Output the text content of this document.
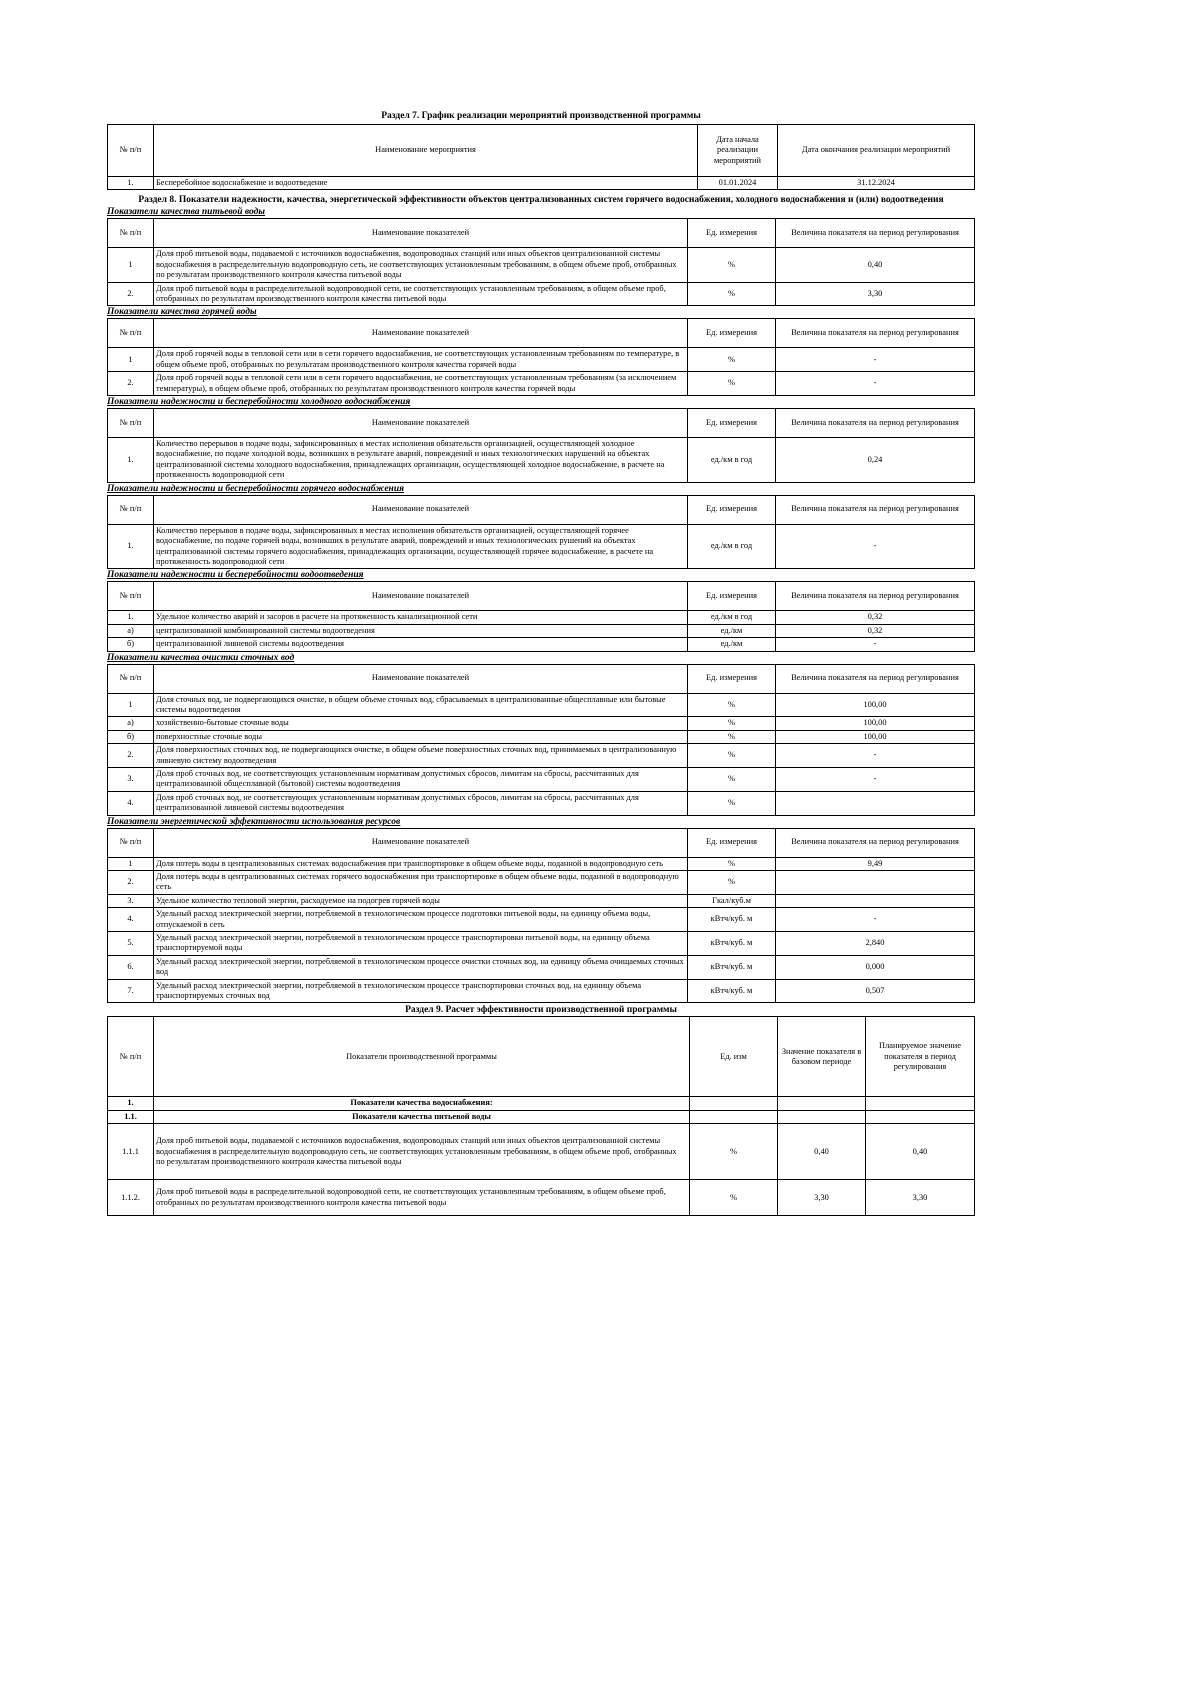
Раздел 7. График реализации мероприятий производственной программы

№ п/п	Наименование мероприятия	Дата начала реализации мероприятий	Дата окончания реализации мероприятий
1.	Бесперебойное водоснабжение и водоотведение	01.01.2024	31.12.2024

Раздел 8. Показатели надежности, качества, энергетической эффективности объектов централизованных систем горячего водоснабжения, холодного водоснабжения и (или) водоотведения

Показатели качества питьевой воды

№ п/п	Наименование показателей	Ед. измерения	Величина показателя на период регулирования
1	Доля проб питьевой воды, подаваемой с источников водоснабжения, водопроводных станций или иных объектов централизованной системы водоснабжения в распределительную водопроводную сеть, не соответствующих установленным требованиям, в общем объеме проб, отобранных по результатам производственного контроля качества питьевой воды	%	0,40
2.	Доля проб питьевой воды в распределительной водопроводной сети, не соответствующих установленным требованиям, в общем объеме проб, отобранных по результатам производственного контроля качества питьевой воды	%	3,30

Показатели качества горячей воды

№ п/п	Наименование показателей	Ед. измерения	Величина показателя на период регулирования
1	Доля проб горячей воды в тепловой сети или в сети горячего водоснабжения, не соответствующих установленным требованиям по температуре, в общем объеме проб, отобранных по результатам производственного контроля качества горячей воды	%	-
2.	Доля проб горячей воды в тепловой сети или в сети горячего водоснабжения, не соответствующих установленным требованиям (за исключением температуры), в общем объеме проб, отобранных по результатам производственного контроля качества горячей воды	%	-

Показатели надежности и бесперебойности холодного водоснабжения

№ п/п	Наименование показателей	Ед. измерения	Величина показателя на период регулирования
1.	Количество перерывов в подаче воды, зафиксированных в местах исполнения обязательств организацией, осуществляющей холодное водоснабжение, по подаче холодной воды, возникших в результате аварий, повреждений и иных технологических нарушений на объектах централизованной системы холодного водоснабжения, принадлежащих организации, осуществляющей холодное водоснабжение, в расчете на протяженность водопроводной сети	ед./км в год	0,24

Показатели надежности и бесперебойности горячего водоснабжения

№ п/п	Наименование показателей	Ед. измерения	Величина показателя на период регулирования
1.	Количество перерывов в подаче воды, зафиксированных в местах исполнения обязательств организацией, осуществляющей горячее водоснабжение, по подаче горячей воды, возникших в результате аварий, повреждений и иных технологических рушений на объектах централизованной системы горячего водоснабжения, принадлежащих организации, осуществляющей горячее водоснабжение, в расчете на протяженность водопроводной сети	ед./км в год	-

Показатели надежности и бесперебойности водоотведения

№ п/п	Наименование показателей	Ед. измерения	Величина показателя на период регулирования
1.	Удельное количество аварий и засоров в расчете на протяженность канализационной сети	ед./км в год	0,32
а)	централизованной комбинированной системы водоотведения	ед./км	0,32
б)	централизованной ливневой системы водоотведения	ед./км	-

Показатели качества очистки сточных вод

№ п/п	Наименование показателей	Ед. измерения	Величина показателя на период регулирования
1	Доля сточных вод, не подвергающихся очистке, в общем объеме сточных вод, сбрасываемых в централизованные общесплавные или бытовые системы водоотведения	%	100,00
а)	хозяйственно-бытовые сточные воды	%	100,00
б)	поверхностные сточные воды	%	100,00
2.	Доля поверхностных сточных вод, не подвергающихся очистке, в общем объеме поверхностных сточных вод, принимаемых в централизованную ливневую систему водоотведения	%	-
3.	Доля проб сточных вод, не соответствующих установленным нормативам допустимых сбросов, лимитам на сбросы, рассчитанных для централизованной общесплавной (бытовой) системы водоотведения	%	-
4.	Доля проб сточных вод, не соответствующих установленным нормативам допустимых сбросов, лимитам на сбросы, рассчитанных для централизованной ливневой системы водоотведения	%	

Показатели энергетической эффективности использования ресурсов

№ п/п	Наименование показателей	Ед. измерения	Величина показателя на период регулирования
1	Доля потерь воды в централизованных системах водоснабжения при транспортировке в общем объеме воды, поданной в водопроводную сеть	%	9,49
2.	Доля потерь воды в централизованных системах горячего водоснабжения при транспортировке в общем объеме воды, поданной в водопроводную сеть	%	
3.	Удельное количество тепловой энергии, расходуемое на подогрев горячей воды	Гкал/куб.м	
4.	Удельный расход электрической энергии, потребляемой в технологическом процессе подготовки питьевой воды, на единицу объема воды, отпускаемой в сеть	кВтч/куб. м	-
5.	Удельный расход электрической энергии, потребляемой в технологическом процессе транспортировки питьевой воды, на единицу объема транспортируемой воды	кВтч/куб. м	2,840
6.	Удельный расход электрической энергии, потребляемой в технологическом процессе очистки сточных вод, на единицу объема очищаемых сточных вод	кВтч/куб. м	0,000
7.	Удельный расход электрической энергии, потребляемой в технологическом процессе транспортировки сточных вод, на единицу объема транспортируемых сточных вод	кВтч/куб. м	0,507

Раздел 9. Расчет эффективности производственной программы

№ п/п	Показатели производственной программы	Ед. изм	Значение показателя в базовом периоде	Планируемое значение показателя в период регулирования
1.	Показатели качества водоснабжения:			
1.1.	Показатели качества питьевой воды			
1.1.1	Доля проб питьевой воды, подаваемой с источников водоснабжения, водопроводных станций или иных объектов централизованной системы водоснабжения в распределительную водопроводную сеть, не соответствующих установленным требованиям, в общем объеме проб, отобранных по результатам производственного контроля качества питьевой воды	%	0,40	0,40
1.1.2.	Доля проб питьевой воды в распределительной водопроводной сети, не соответствующих установленным требованиям, в общем объеме проб, отобранных по результатам производственного контроля качества питьевой воды	%	3,30	3,30
